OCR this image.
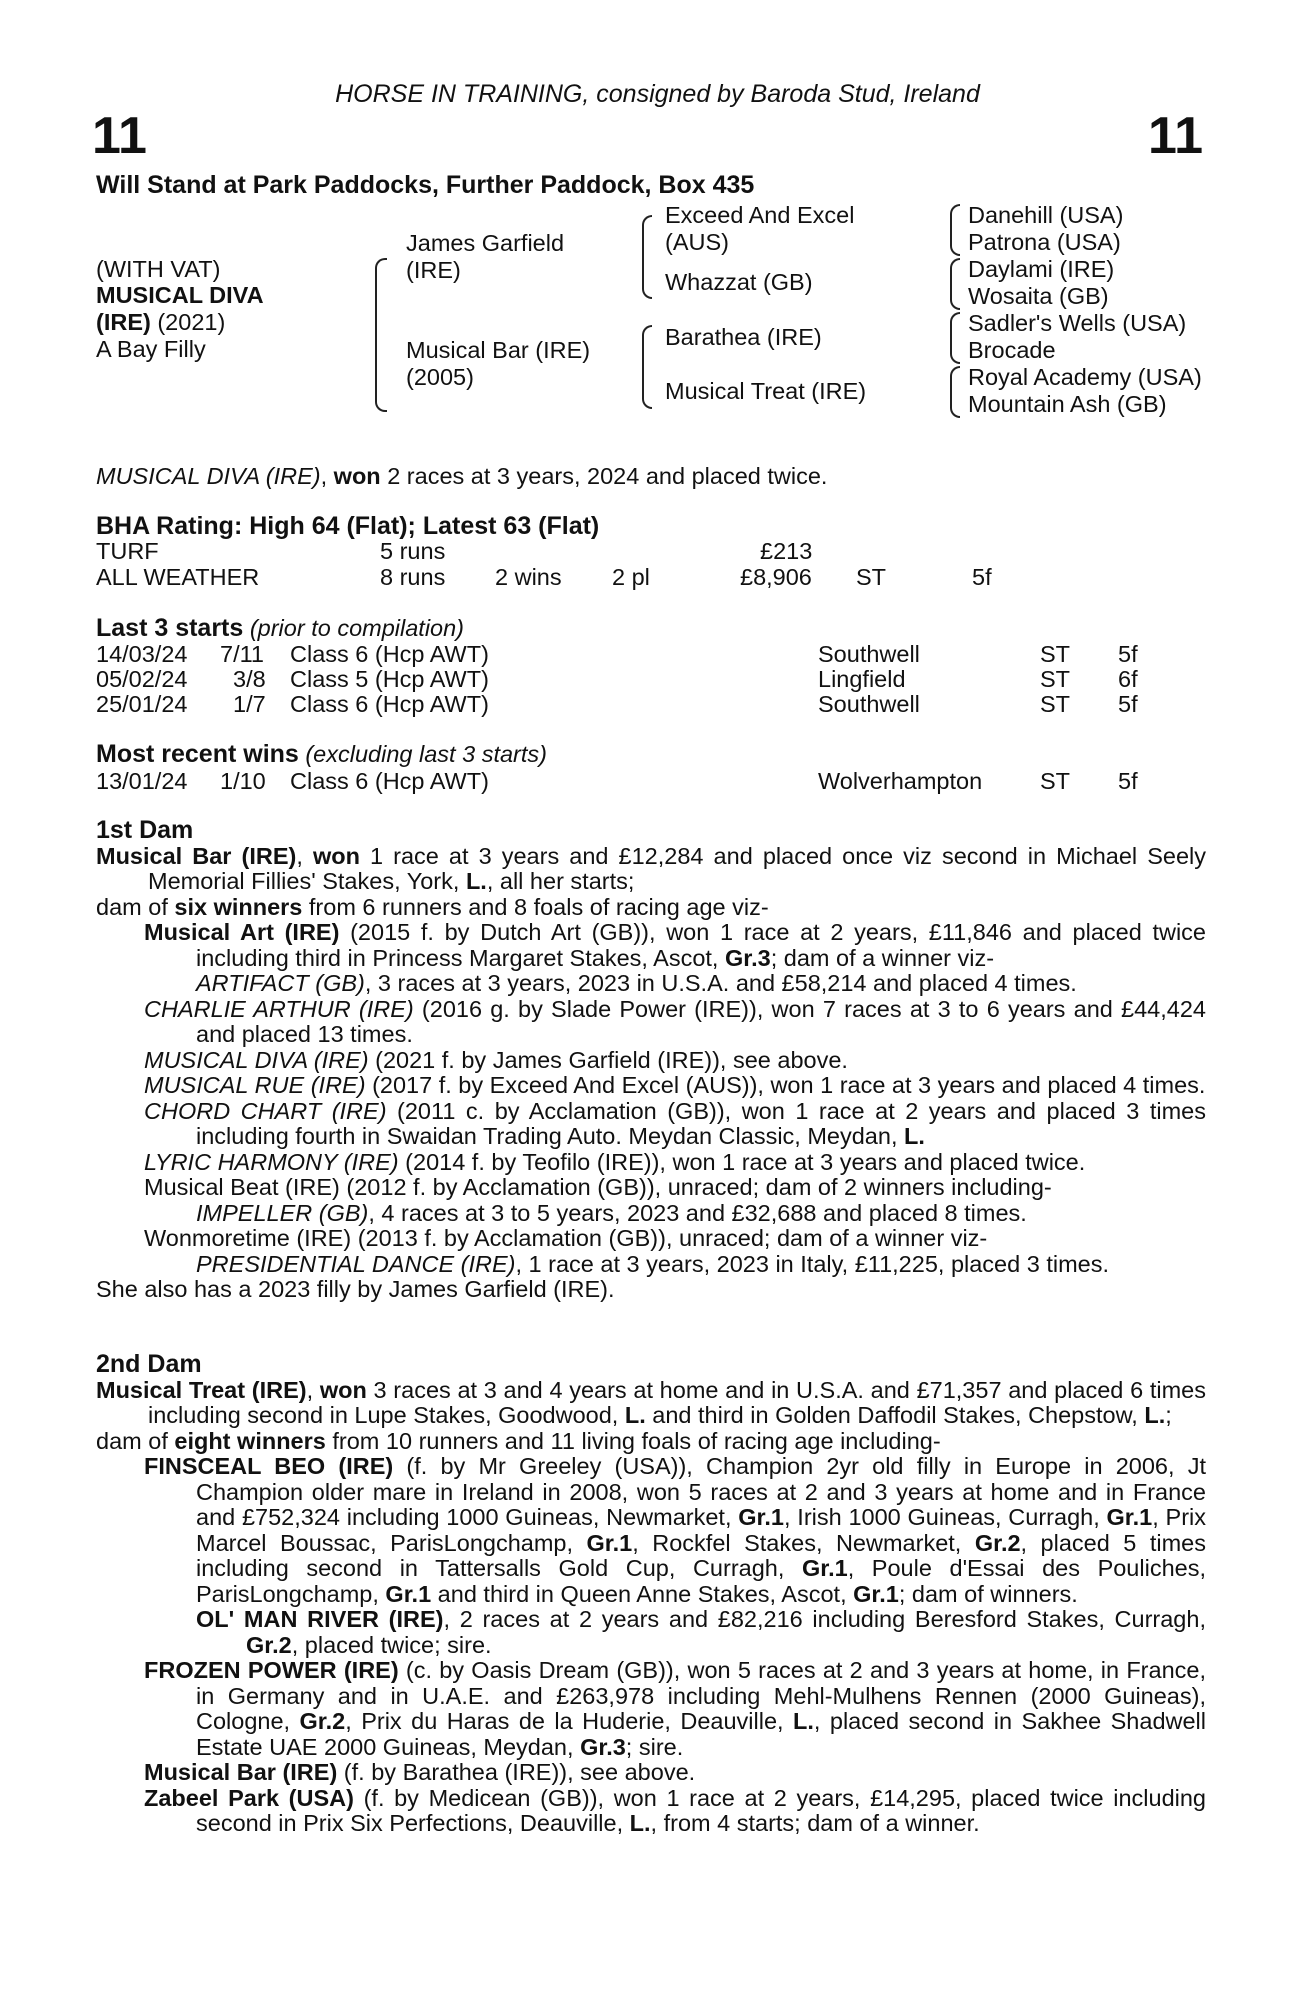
HORSE IN TRAINING, consigned by Baroda Stud, Ireland
11	11
Will Stand at Park Paddocks, Further Paddock, Box 435
(WITH VAT)
MUSICAL DIVA
(IRE) (2021)
A Bay Filly
James Garfield
(IRE)
Musical Bar (IRE)
(2005)
Exceed And Excel
(AUS)
Whazzat (GB)
Barathea (IRE)
Musical Treat (IRE)
Danehill (USA)
Patrona (USA)
Daylami (IRE)
Wosaita (GB)
Sadler's Wells (USA)
Brocade
Royal Academy (USA)
Mountain Ash (GB)
MUSICAL DIVA (IRE), won 2 races at 3 years, 2024 and placed twice.
BHA Rating: High 64 (Flat); Latest 63 (Flat)
TURF	5 runs	£213
ALL WEATHER	8 runs 2 wins 2 pl	£8,906 ST	5f
Last 3 starts (prior to compilation)
14/03/24 7/11 Class 6 (Hcp AWT)	Southwell	ST 5f
05/02/24 3/8 Class 5 (Hcp AWT)	Lingfield	ST 6f
25/01/24 1/7 Class 6 (Hcp AWT)	Southwell	ST 5f
Most recent wins (excluding last 3 starts)
13/01/24 1/10 Class 6 (Hcp AWT)	Wolverhampton ST 5f

1st Dam

Musical Bar (IRE), won 1 race at 3 years and £12,284 and placed once viz second in Michael Seely Memorial Fillies' Stakes, York, L., all her starts;

dam of six winners from 6 runners and 8 foals of racing age viz-

Musical Art (IRE) (2015 f. by Dutch Art (GB)), won 1 race at 2 years, £11,846 and placed twice including third in Princess Margaret Stakes, Ascot, Gr.3; dam of a winner viz-

ARTIFACT (GB), 3 races at 3 years, 2023 in U.S.A. and £58,214 and placed 4 times.

CHARLIE ARTHUR (IRE) (2016 g. by Slade Power (IRE)), won 7 races at 3 to 6 years and £44,424 and placed 13 times.

MUSICAL DIVA (IRE) (2021 f. by James Garfield (IRE)), see above.

MUSICAL RUE (IRE) (2017 f. by Exceed And Excel (AUS)), won 1 race at 3 years and placed 4 times.

CHORD CHART (IRE) (2011 c. by Acclamation (GB)), won 1 race at 2 years and placed 3 times including fourth in Swaidan Trading Auto. Meydan Classic, Meydan, L.

LYRIC HARMONY (IRE) (2014 f. by Teofilo (IRE)), won 1 race at 3 years and placed twice.

Musical Beat (IRE) (2012 f. by Acclamation (GB)), unraced; dam of 2 winners including-

IMPELLER (GB), 4 races at 3 to 5 years, 2023 and £32,688 and placed 8 times.

Wonmoretime (IRE) (2013 f. by Acclamation (GB)), unraced; dam of a winner viz-

PRESIDENTIAL DANCE (IRE), 1 race at 3 years, 2023 in Italy, £11,225, placed 3 times.

She also has a 2023 filly by James Garfield (IRE).

2nd Dam

Musical Treat (IRE), won 3 races at 3 and 4 years at home and in U.S.A. and £71,357 and placed 6 times including second in Lupe Stakes, Goodwood, L. and third in Golden Daffodil Stakes, Chepstow, L.;

dam of eight winners from 10 runners and 11 living foals of racing age including-

FINSCEAL BEO (IRE) (f. by Mr Greeley (USA)), Champion 2yr old filly in Europe in 2006, Jt Champion older mare in Ireland in 2008, won 5 races at 2 and 3 years at home and in France and £752,324 including 1000 Guineas, Newmarket, Gr.1, Irish 1000 Guineas, Curragh, Gr.1, Prix Marcel Boussac, ParisLongchamp, Gr.1, Rockfel Stakes, Newmarket, Gr.2, placed 5 times including second in Tattersalls Gold Cup, Curragh, Gr.1, Poule d'Essai des Pouliches, ParisLongchamp, Gr.1 and third in Queen Anne Stakes, Ascot, Gr.1; dam of winners.

OL' MAN RIVER (IRE), 2 races at 2 years and £82,216 including Beresford Stakes, Curragh, Gr.2, placed twice; sire.

FROZEN POWER (IRE) (c. by Oasis Dream (GB)), won 5 races at 2 and 3 years at home, in France, in Germany and in U.A.E. and £263,978 including Mehl-Mulhens Rennen (2000 Guineas), Cologne, Gr.2, Prix du Haras de la Huderie, Deauville, L., placed second in Sakhee Shadwell Estate UAE 2000 Guineas, Meydan, Gr.3; sire.

Musical Bar (IRE) (f. by Barathea (IRE)), see above.

Zabeel Park (USA) (f. by Medicean (GB)), won 1 race at 2 years, £14,295, placed twice including second in Prix Six Perfections, Deauville, L., from 4 starts; dam of a winner.
